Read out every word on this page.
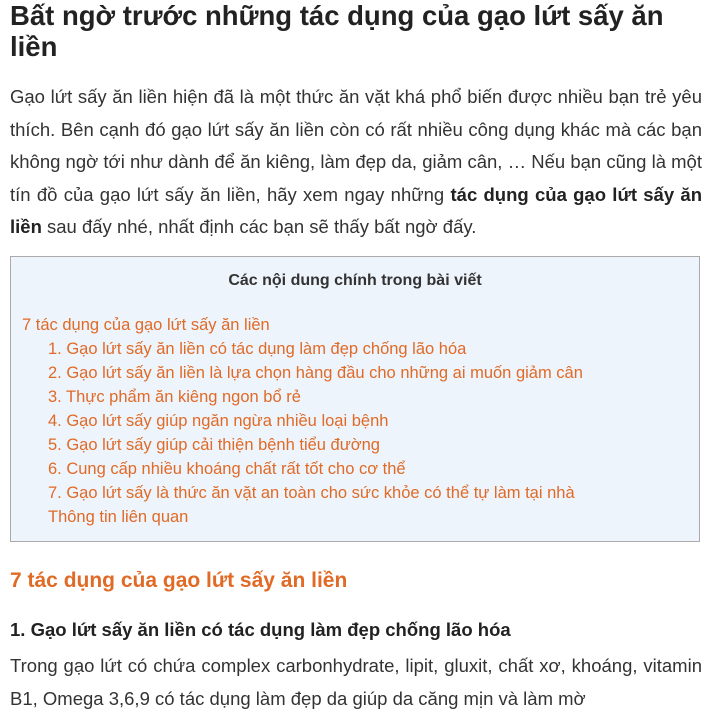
Bất ngờ trước những tác dụng của gạo lứt sấy ăn liền

Gạo lứt sấy ăn liền hiện đã là một thức ăn vặt khá phổ biến được nhiều bạn trẻ yêu thích. Bên cạnh đó gạo lứt sấy ăn liền còn có rất nhiều công dụng khác mà các bạn không ngờ tới như dành để ăn kiêng, làm đẹp da, giảm cân, … Nếu bạn cũng là một tín đồ của gạo lứt sấy ăn liền, hãy xem ngay những tác dụng của gạo lứt sấy ăn liền sau đấy nhé, nhất định các bạn sẽ thấy bất ngờ đấy.

Các nội dung chính trong bài viết
7 tác dụng của gạo lứt sấy ăn liền
1. Gạo lứt sấy ăn liền có tác dụng làm đẹp chống lão hóa
2. Gạo lứt sấy ăn liền là lựa chọn hàng đầu cho những ai muốn giảm cân
3. Thực phẩm ăn kiêng ngon bổ rẻ
4. Gạo lứt sấy giúp ngăn ngừa nhiều loại bệnh
5. Gạo lứt sấy giúp cải thiện bệnh tiểu đường
6. Cung cấp nhiều khoáng chất rất tốt cho cơ thể
7. Gạo lứt sấy là thức ăn vặt an toàn cho sức khỏe có thể tự làm tại nhà
Thông tin liên quan
7 tác dụng của gạo lứt sấy ăn liền
1. Gạo lứt sấy ăn liền có tác dụng làm đẹp chống lão hóa

Trong gạo lứt có chứa complex carbonhydrate, lipit, gluxit, chất xơ, khoáng, vitamin B1, Omega 3,6,9 có tác dụng làm đẹp da giúp da căng mịn và làm mờ
